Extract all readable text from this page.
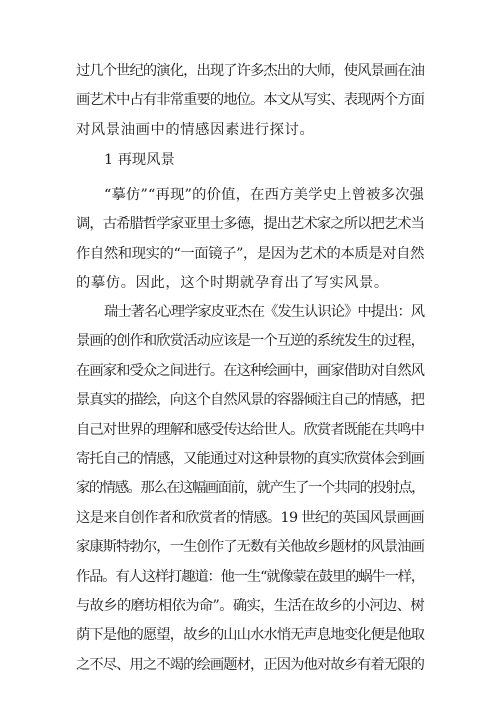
过几个世纪的演化，出现了许多杰出的大师，使风景画在油
画艺术中占有非常重要的地位。本文从写实、表现两个方面
对风景油画中的情感因素进行探讨。
1 再现风景
“摹仿”“再现”的价值，在西方美学史上曾被多次强
调，古希腊哲学家亚里士多德，提出艺术家之所以把艺术当
作自然和现实的“一面镜子”，是因为艺术的本质是对自然
的摹仿。因此，这个时期就孕育出了写实风景。
瑞士著名心理学家皮亚杰在《发生认识论》中提出：风
景画的创作和欣赏活动应该是一个互逆的系统发生的过程，
在画家和受众之间进行。在这种绘画中，画家借助对自然风
景真实的描绘，向这个自然风景的容器倾注自己的情感，把
自己对世界的理解和感受传达给世人。欣赏者既能在共鸣中
寄托自己的情感，又能通过对这种景物的真实欣赏体会到画
家的情感。那么在这幅画面前，就产生了一个共同的投射点，
这是来自创作者和欣赏者的情感。19 世纪的英国风景画画
家康斯特勃尔，一生创作了无数有关他故乡题材的风景油画
作品。有人这样打趣道：他一生“就像蒙在鼓里的蜗牛一样，
与故乡的磨坊相依为命”。确实，生活在故乡的小河边、树
荫下是他的愿望，故乡的山山水水悄无声息地变化便是他取
之不尽、用之不竭的绘画题材，正因为他对故乡有着无限的
